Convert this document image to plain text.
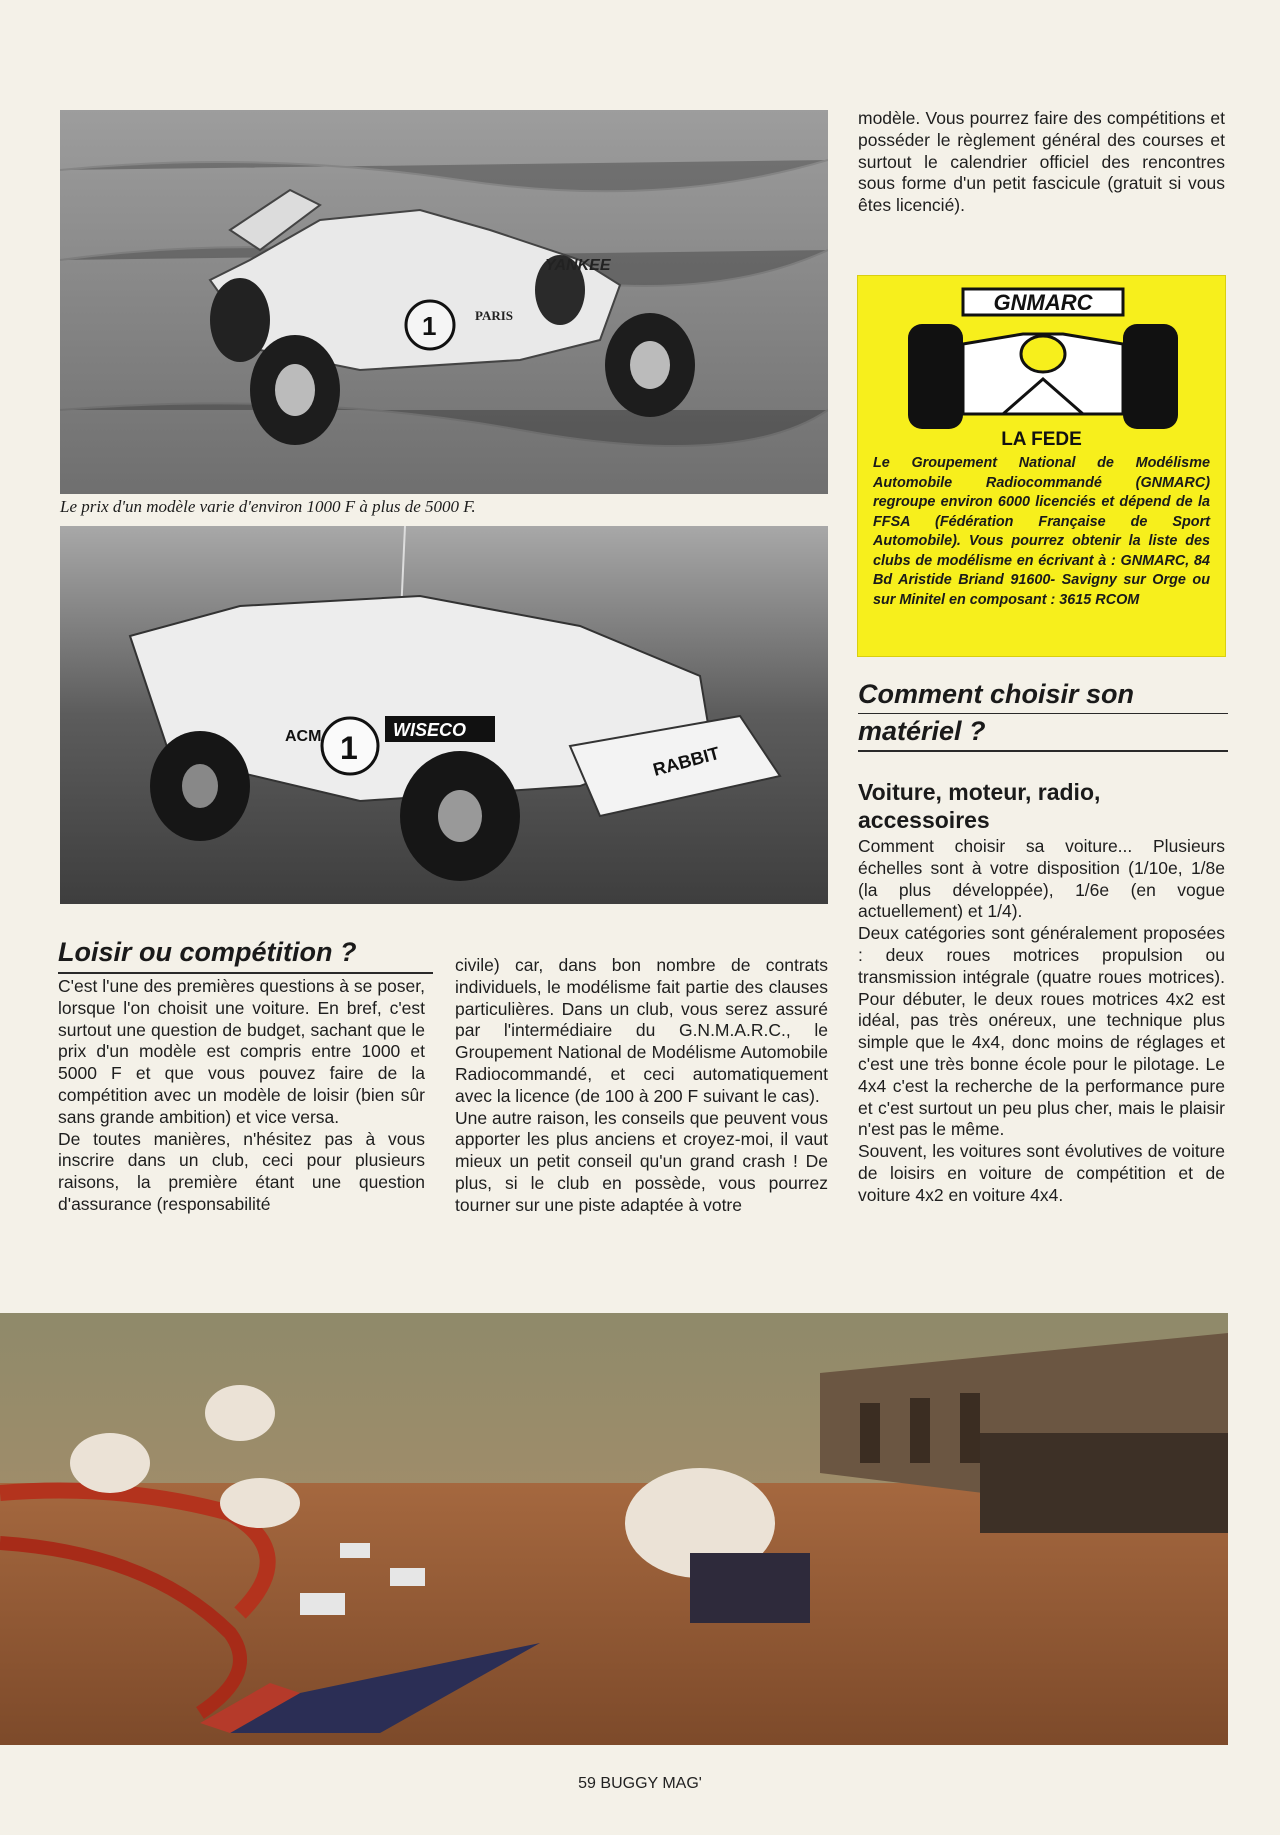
1
YANKEE
PARIS
Le prix d'un modèle varie d'environ 1000 F à plus de 5000 F.
1 WISECO
RABBIT
ACM

modèle. Vous pourrez faire des compétitions et posséder le règlement général des courses et surtout le calendrier officiel des rencontres sous forme d'un petit fascicule (gratuit si vous êtes licencié).

GNMARC
LA FEDE
Le Groupement National de Modélisme Automobile Radiocommandé (GNMARC) regroupe environ 6000 licenciés et dépend de la FFSA (Fédération Française de Sport Automobile). Vous pourrez obtenir la liste des clubs de modélisme en écrivant à : GNMARC, 84 Bd Aristide Briand 91600- Savigny sur Orge ou sur Minitel en composant : 3615 RCOM
Comment choisir son
matériel ?
Voiture, moteur, radio,
accessoires

Comment choisir sa voiture... Plusieurs échelles sont à votre disposition (1/10e, 1/8e (la plus développée), 1/6e (en vogue actuellement) et 1/4).

Deux catégories sont généralement proposées : deux roues motrices propulsion ou transmission intégrale (quatre roues motrices). Pour débuter, le deux roues motrices 4x2 est idéal, pas très onéreux, une technique plus simple que le 4x4, donc moins de réglages et c'est une très bonne école pour le pilotage. Le 4x4 c'est la recherche de la performance pure et c'est surtout un peu plus cher, mais le plaisir n'est pas le même.

Souvent, les voitures sont évolutives de voiture de loisirs en voiture de compétition et de voiture 4x2 en voiture 4x4.

Loisir ou compétition ?

C'est l'une des premières questions à se poser, lorsque l'on choisit une voiture. En bref, c'est surtout une question de budget, sachant que le prix d'un modèle est compris entre 1000 et 5000 F et que vous pouvez faire de la compétition avec un modèle de loisir (bien sûr sans grande ambition) et vice versa.

De toutes manières, n'hésitez pas à vous inscrire dans un club, ceci pour plusieurs raisons, la première étant une question d'assurance (responsabilité

civile) car, dans bon nombre de contrats individuels, le modélisme fait partie des clauses particulières. Dans un club, vous serez assuré par l'intermédiaire du G.N.M.A.R.C., le Groupement National de Modélisme Automobile Radiocommandé, et ceci automatiquement avec la licence (de 100 à 200 F suivant le cas).

Une autre raison, les conseils que peuvent vous apporter les plus anciens et croyez-moi, il vaut mieux un petit conseil qu'un grand crash ! De plus, si le club en possède, vous pourrez tourner sur une piste adaptée à votre

59 BUGGY MAG'
